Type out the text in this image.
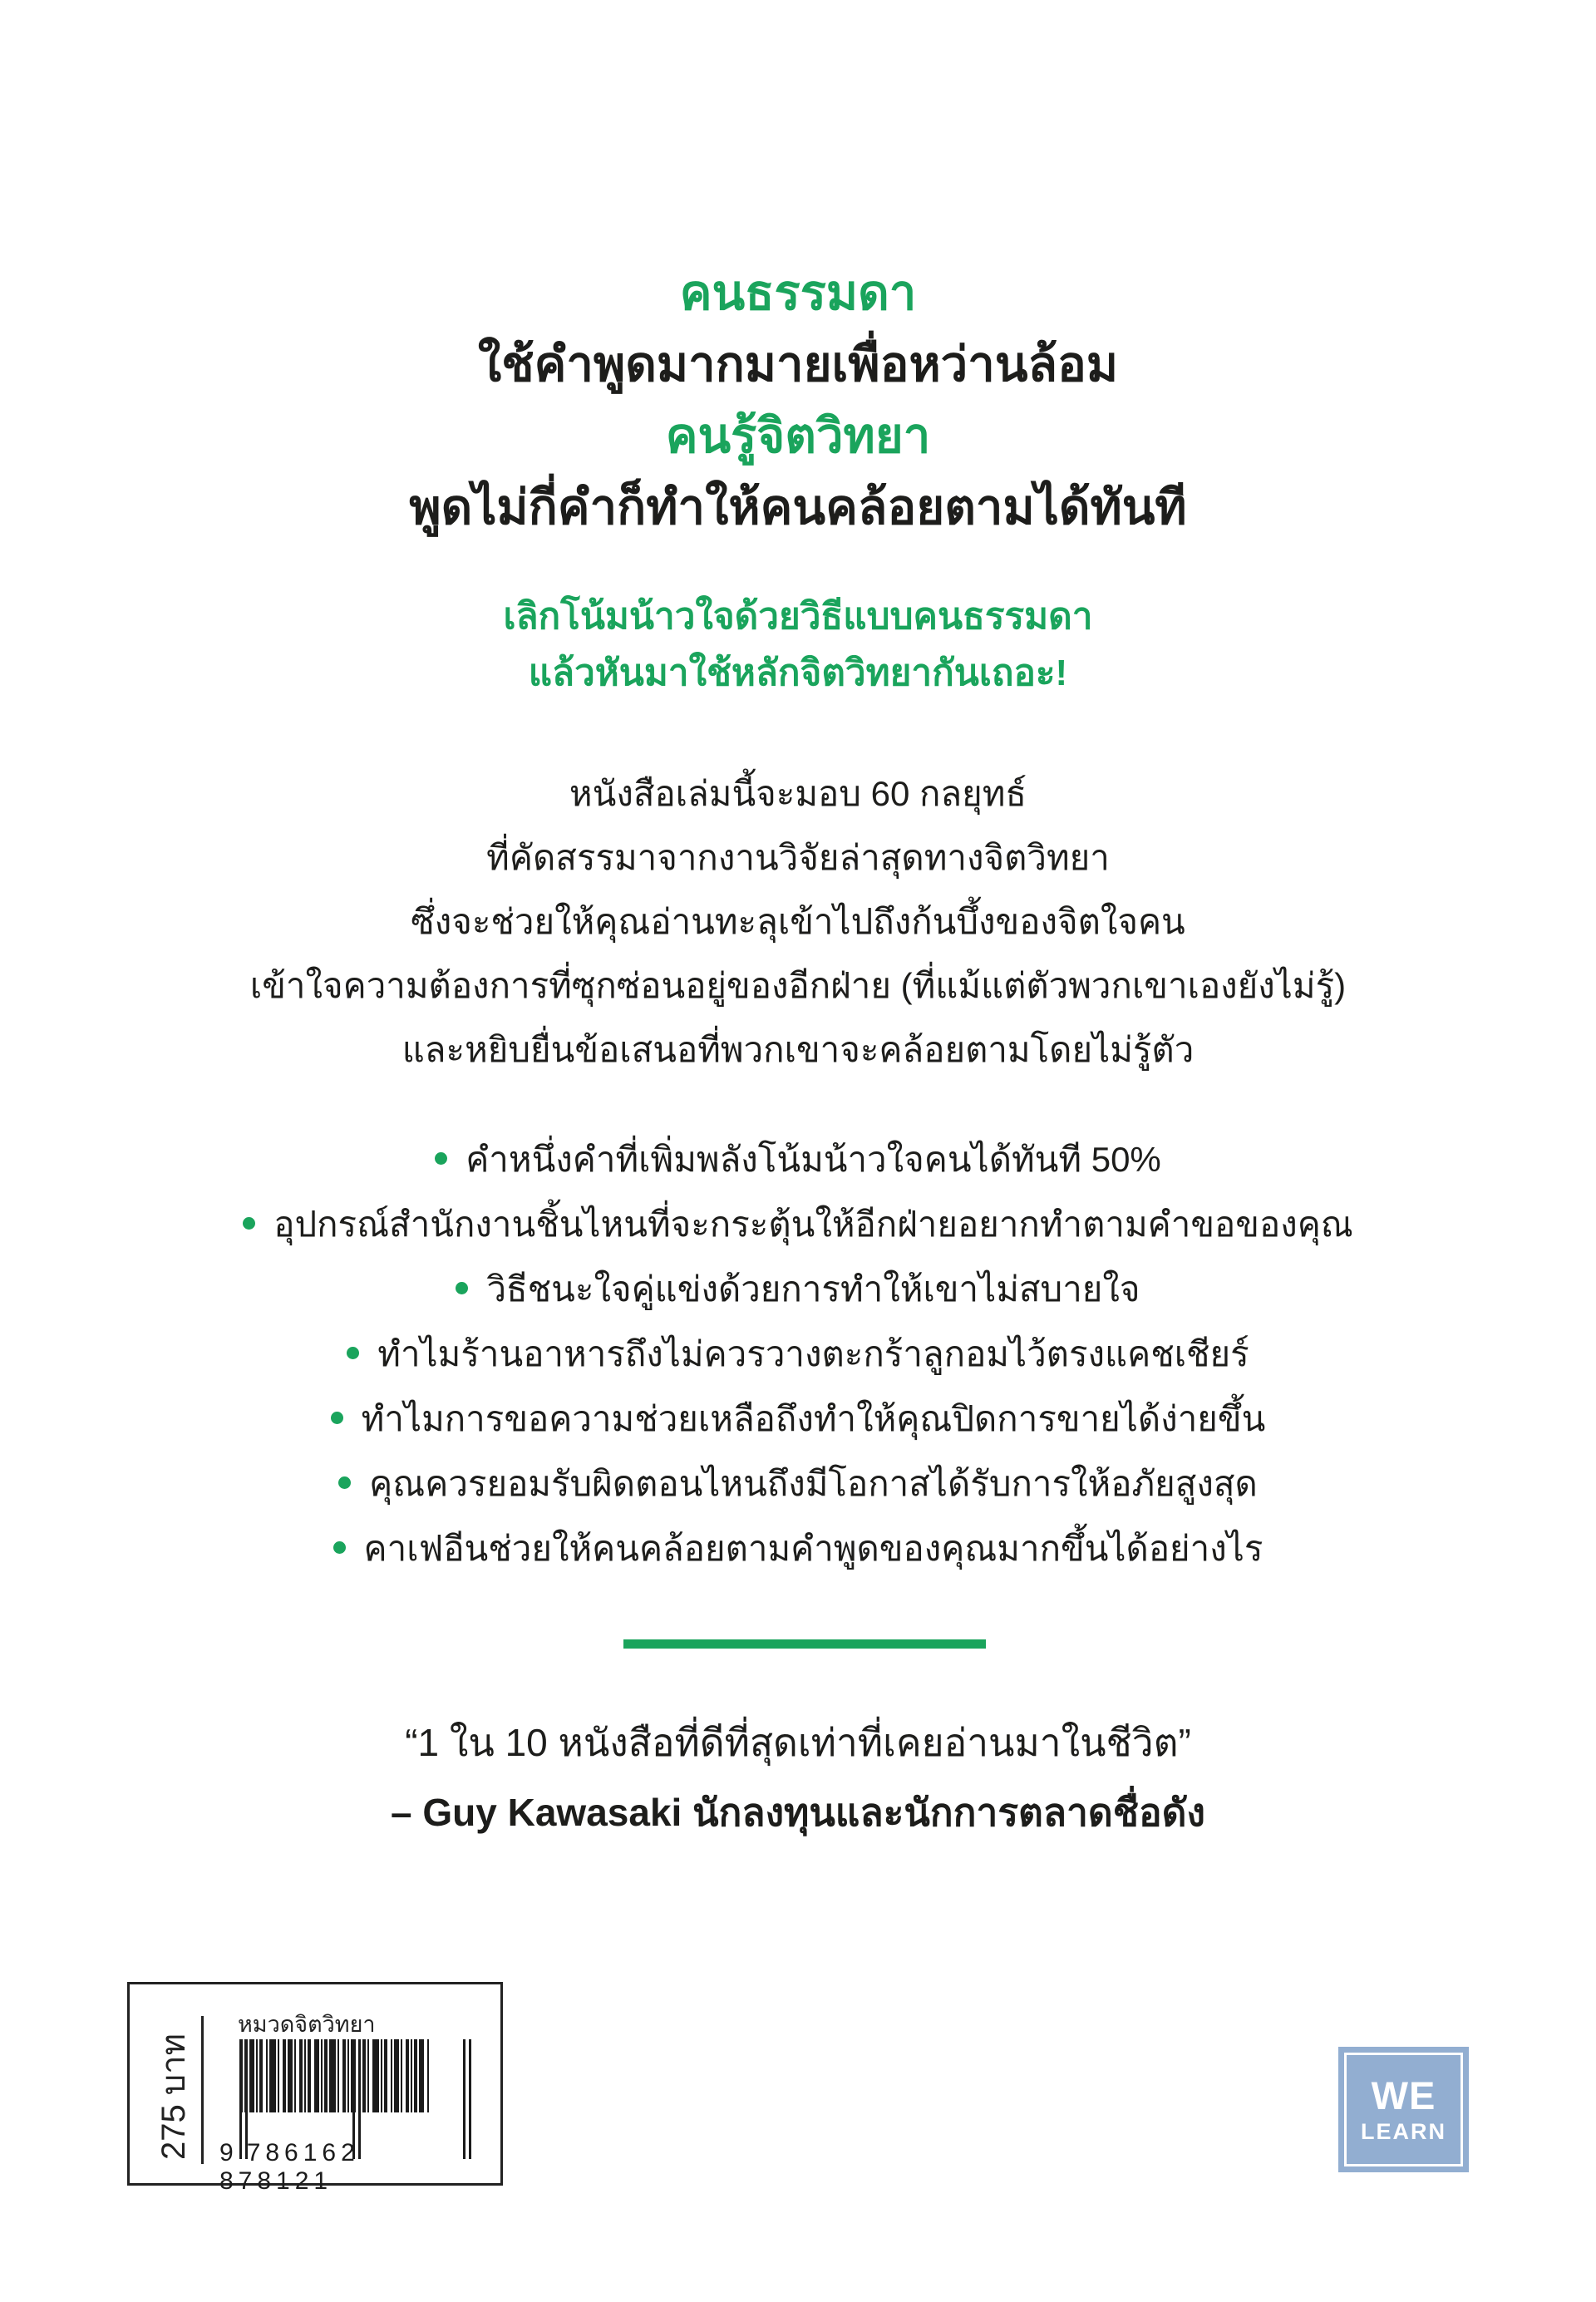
คนธรรมดา
ใช้คำพูดมากมายเพื่อหว่านล้อม
คนรู้จิตวิทยา
พูดไม่กี่คำก็ทำให้คนคล้อยตามได้ทันที
เลิกโน้มน้าวใจด้วยวิธีแบบคนธรรมดา
แล้วหันมาใช้หลักจิตวิทยากันเถอะ!
หนังสือเล่มนี้จะมอบ 60 กลยุทธ์
ที่คัดสรรมาจากงานวิจัยล่าสุดทางจิตวิทยา
ซึ่งจะช่วยให้คุณอ่านทะลุเข้าไปถึงก้นบึ้งของจิตใจคน
เข้าใจความต้องการที่ซุกซ่อนอยู่ของอีกฝ่าย (ที่แม้แต่ตัวพวกเขาเองยังไม่รู้)
และหยิบยื่นข้อเสนอที่พวกเขาจะคล้อยตามโดยไม่รู้ตัว
คำหนึ่งคำที่เพิ่มพลังโน้มน้าวใจคนได้ทันที 50%
อุปกรณ์สำนักงานชิ้นไหนที่จะกระตุ้นให้อีกฝ่ายอยากทำตามคำขอของคุณ
วิธีชนะใจคู่แข่งด้วยการทำให้เขาไม่สบายใจ
ทำไมร้านอาหารถึงไม่ควรวางตะกร้าลูกอมไว้ตรงแคชเชียร์
ทำไมการขอความช่วยเหลือถึงทำให้คุณปิดการขายได้ง่ายขึ้น
คุณควรยอมรับผิดตอนไหนถึงมีโอกาสได้รับการให้อภัยสูงสุด
คาเฟอีนช่วยให้คนคล้อยตามคำพูดของคุณมากขึ้นได้อย่างไร
“1 ใน 10 หนังสือที่ดีที่สุดเท่าที่เคยอ่านมาในชีวิต”
– Guy Kawasaki นักลงทุนและนักการตลาดชื่อดัง
275 บาท
หมวดจิตวิทยา
9 786162878121
WE
LEARN
